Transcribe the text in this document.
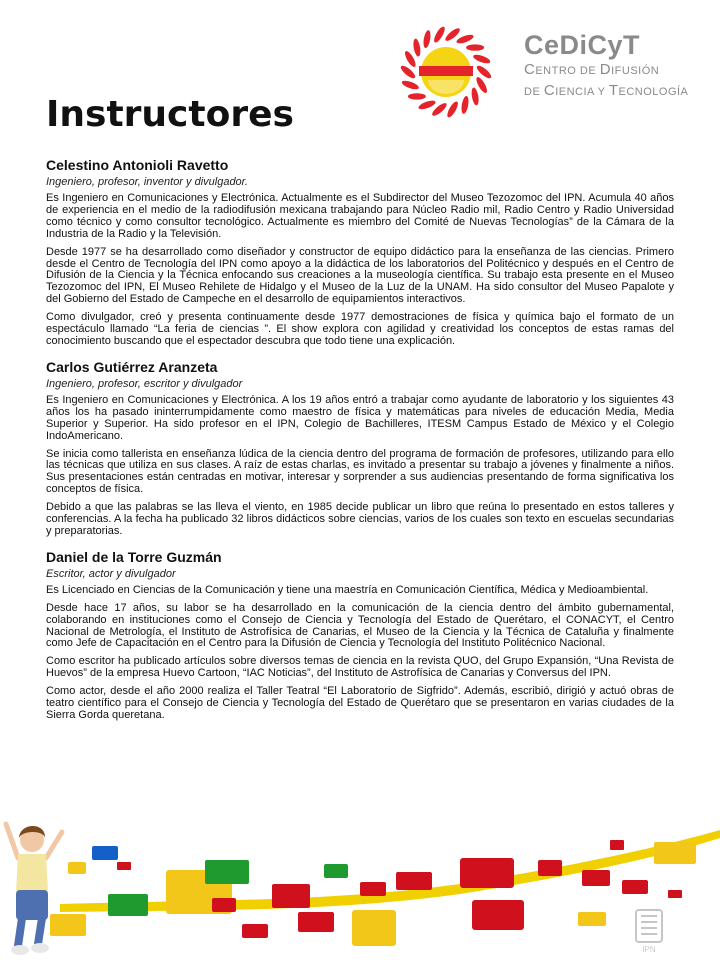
CeDiCyT
CENTRO DE DIFUSIÓN
DE CIENCIA Y TECNOLOGÍA
Instructores
Celestino Antonioli Ravetto

Ingeniero, profesor, inventor y divulgador.

Es Ingeniero en Comunicaciones y Electrónica. Actualmente es el Subdirector del Museo Tezozomoc del IPN. Acumula 40 años de experiencia en el medio de la radiodifusión mexicana trabajando para Núcleo Radio mil, Radio Centro y Radio Universidad como técnico y como consultor tecnológico. Actualmente es miembro del Comité de Nuevas Tecnologías” de la Cámara de la Industria de la Radio y la Televisión.

Desde 1977 se ha desarrollado como diseñador y constructor de equipo didáctico para la enseñanza de las ciencias. Primero desde el Centro de Tecnología del IPN como apoyo a la didáctica de los laboratorios del Politécnico y después en el Centro de Difusión de la Ciencia y la Técnica enfocando sus creaciones a la museología científica. Su trabajo esta presente en el Museo Tezozomoc del IPN, El Museo Rehilete de Hidalgo y el Museo de la Luz de la UNAM. Ha sido consultor del Museo Papalote y del Gobierno del Estado de Campeche en el desarrollo de equipamientos interactivos.

Como divulgador, creó y presenta continuamente desde 1977 demostraciones de física y química bajo el formato de un espectáculo llamado “La feria de ciencias ”. El show explora con agilidad y creatividad los conceptos de estas ramas del conocimiento buscando que el espectador descubra que todo tiene una explicación.

Carlos Gutiérrez Aranzeta

Ingeniero, profesor, escritor y divulgador

Es Ingeniero en Comunicaciones y Electrónica. A los 19 años entró a trabajar como ayudante de laboratorio y los siguientes 43 años los ha pasado ininterrumpidamente como maestro de física y matemáticas para niveles de educación Media, Media Superior y Superior. Ha sido profesor en el IPN, Colegio de Bachilleres, ITESM Campus Estado de México y el Colegio IndoAmericano.

Se inicia como tallerista en enseñanza lúdica de la ciencia dentro del programa de formación de profesores, utilizando para ello las técnicas que utiliza en sus clases. A raíz de estas charlas, es invitado a presentar su trabajo a jóvenes y finalmente a niños. Sus presentaciones están centradas en motivar, interesar y sorprender a sus audiencias presentando de forma significativa los conceptos de física.

Debido a que las palabras se las lleva el viento, en 1985 decide publicar un libro que reúna lo presentado en estos talleres y conferencias. A la fecha ha publicado 32 libros didácticos sobre ciencias, varios de los cuales son texto en escuelas secundarias y preparatorias.

Daniel de la Torre Guzmán

Escritor, actor y divulgador

Es Licenciado en Ciencias de la Comunicación y tiene una maestría en Comunicación Científica, Médica y Medioambiental.

Desde hace 17 años, su labor se ha desarrollado en la comunicación de la ciencia dentro del ámbito gubernamental, colaborando en instituciones como el Consejo de Ciencia y Tecnología del Estado de Querétaro, el CONACYT, el Centro Nacional de Metrología, el Instituto de Astrofísica de Canarias, el Museo de la Ciencia y la Técnica de Cataluña y finalmente como Jefe de Capacitación en el Centro para la Difusión de Ciencia y Tecnología del Instituto Politécnico Nacional.

Como escritor ha publicado artículos sobre diversos temas de ciencia en la revista QUO, del Grupo Expansión, “Una Revista de Huevos” de la empresa Huevo Cartoon, “IAC Noticias”, del Instituto de Astrofísica de Canarias y Conversus del IPN.

Como actor, desde el año 2000 realiza el Taller Teatral “El Laboratorio de Sigfrido”. Además, escribió, dirigió y actuó obras de teatro científico para el Consejo de Ciencia y Tecnología del Estado de Querétaro que se presentaron en varias ciudades de la Sierra Gorda queretana.

IPN
